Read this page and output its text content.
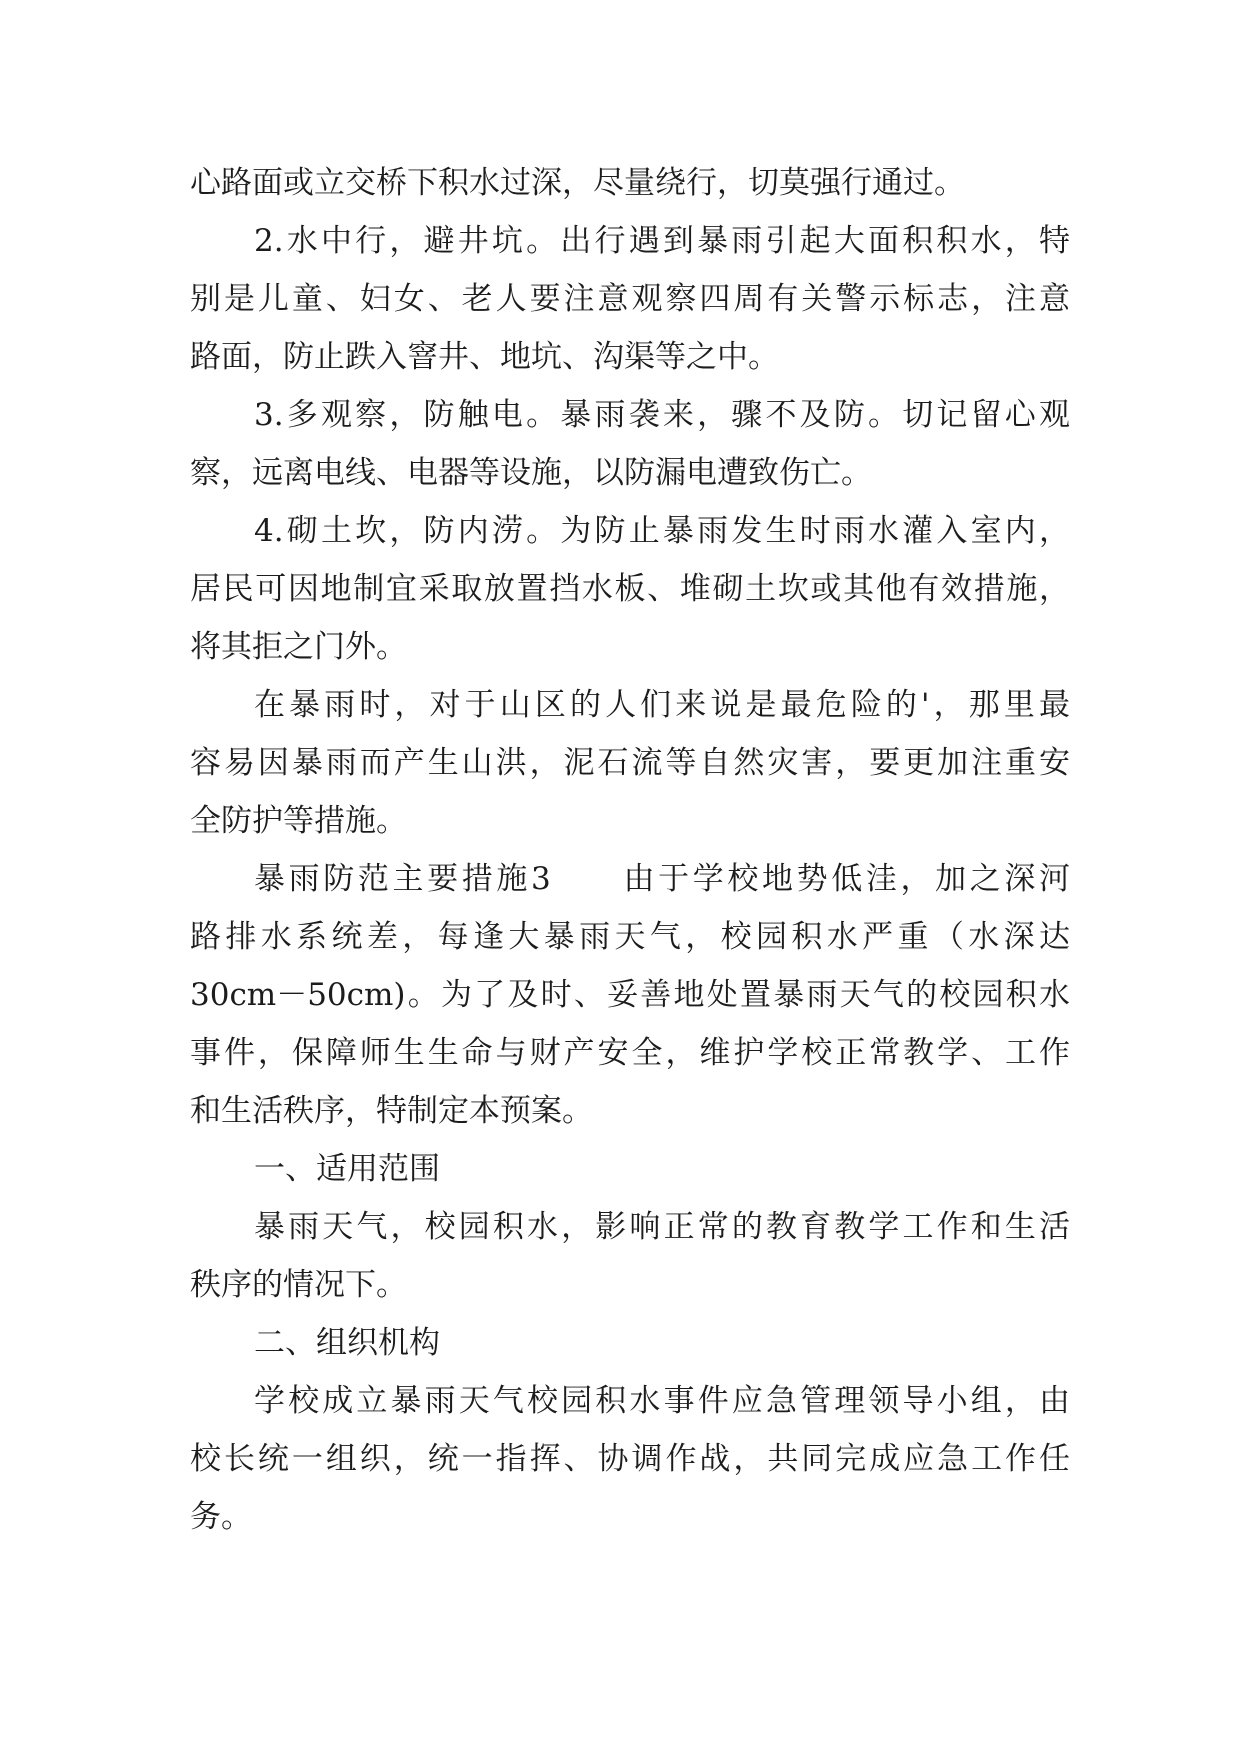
心路面或立交桥下积水过深，尽量绕行，切莫强行通过。
2.水中行，避井坑。出行遇到暴雨引起大面积积水，特
别是儿童、妇女、老人要注意观察四周有关警示标志，注意
路面，防止跌入窨井、地坑、沟渠等之中。
3.多观察，防触电。暴雨袭来，骤不及防。切记留心观
察，远离电线、电器等设施，以防漏电遭致伤亡。
4.砌土坎，防内涝。为防止暴雨发生时雨水灌入室内，
居民可因地制宜采取放置挡水板、堆砌土坎或其他有效措施，
将其拒之门外。
在暴雨时，对于山区的人们来说是最危险的'，那里最
容易因暴雨而产生山洪，泥石流等自然灾害，要更加注重安
全防护等措施。
暴雨防范主要措施3　　由于学校地势低洼，加之深河
路排水系统差，每逢大暴雨天气，校园积水严重（水深达
30cm－50cm)。为了及时、妥善地处置暴雨天气的校园积水
事件，保障师生生命与财产安全，维护学校正常教学、工作
和生活秩序，特制定本预案。
一、适用范围
暴雨天气，校园积水，影响正常的教育教学工作和生活
秩序的情况下。
二、组织机构
学校成立暴雨天气校园积水事件应急管理领导小组，由
校长统一组织，统一指挥、协调作战，共同完成应急工作任
务。
